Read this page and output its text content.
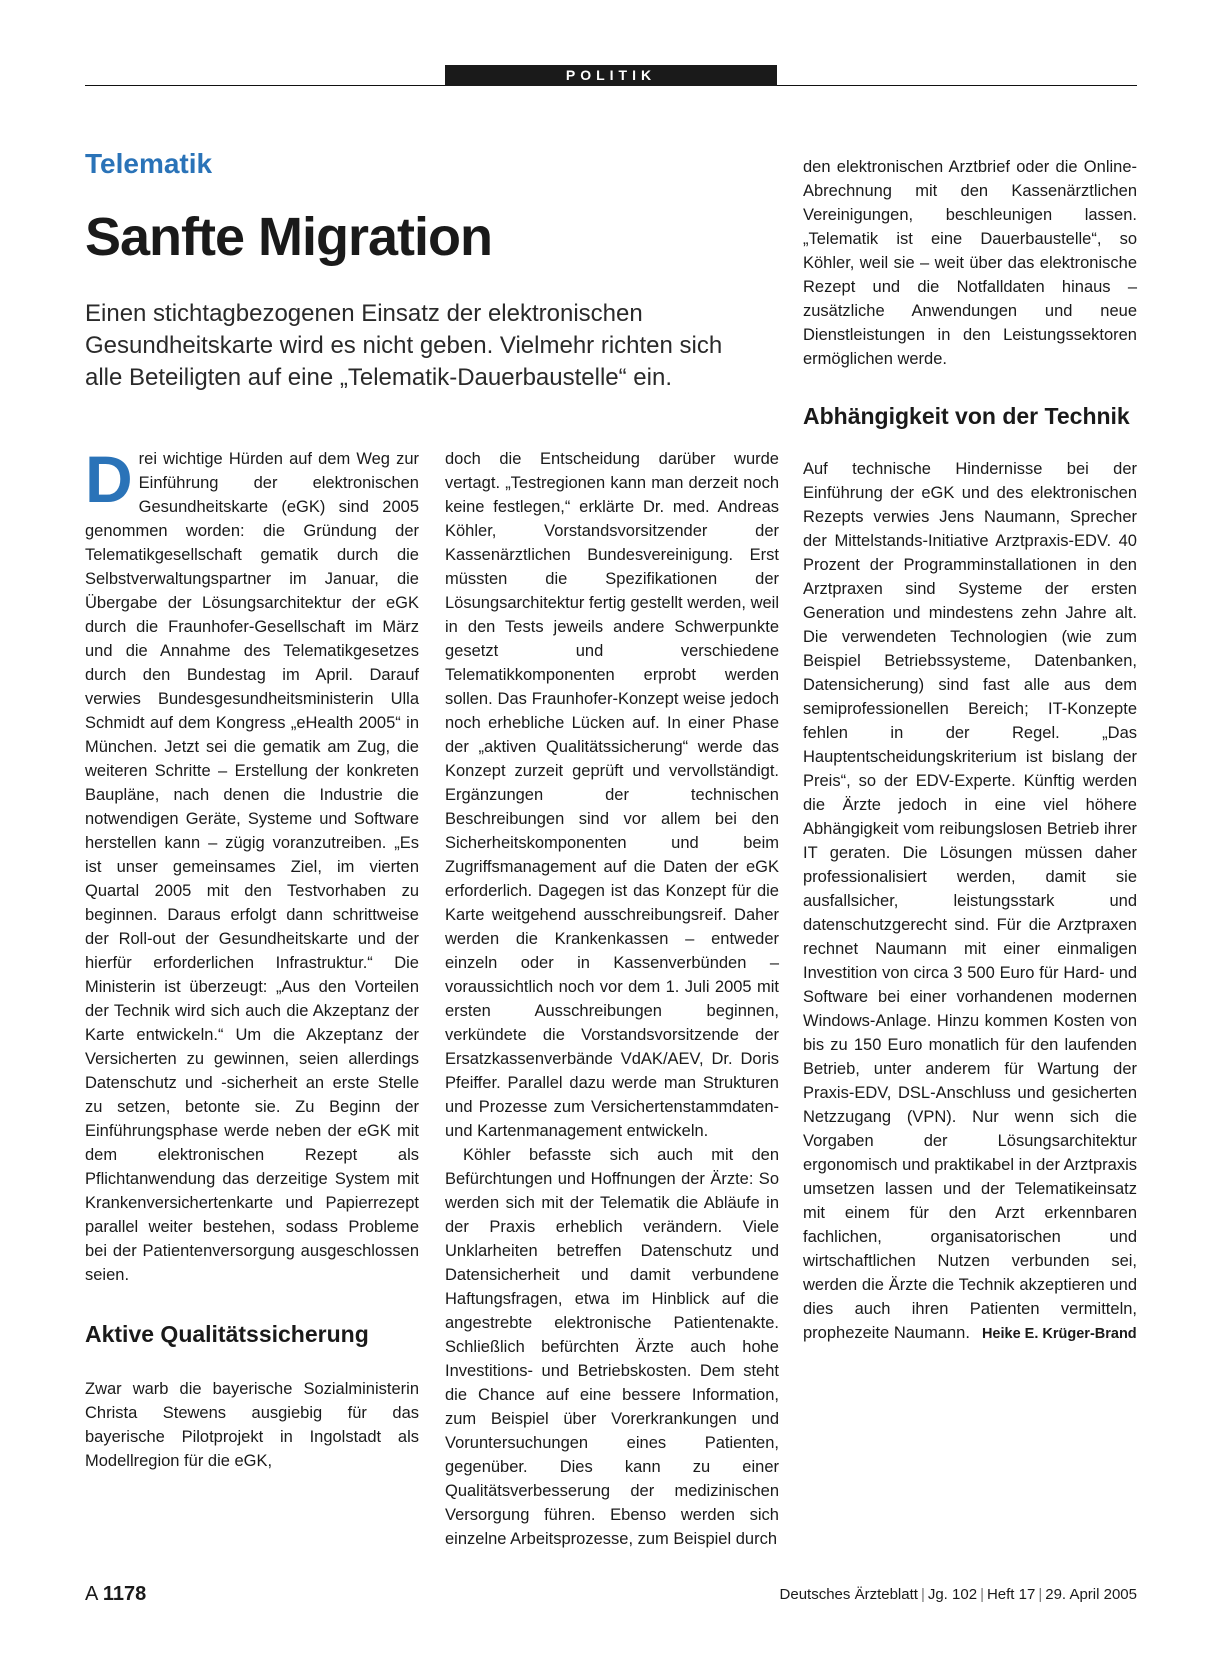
POLITIK
Telematik
Sanfte Migration

Einen stichtagbezogenen Einsatz der elektronischen Gesundheitskarte wird es nicht geben. Vielmehr richten sich alle Beteiligten auf eine „Telematik-Dauerbaustelle“ ein.

Drei wichtige Hürden auf dem Weg zur Einführung der elektronischen Gesundheitskarte (eGK) sind 2005 genommen worden: die Gründung der Telematikgesellschaft gematik durch die Selbstverwaltungspartner im Januar, die Übergabe der Lösungsarchitektur der eGK durch die Fraunhofer-Gesellschaft im März und die Annahme des Telematikgesetzes durch den Bundestag im April. Darauf verwies Bundesgesundheitsministerin Ulla Schmidt auf dem Kongress „eHealth 2005“ in München. Jetzt sei die gematik am Zug, die weiteren Schritte – Erstellung der konkreten Baupläne, nach denen die Industrie die notwendigen Geräte, Systeme und Software herstellen kann – zügig voranzutreiben. „Es ist unser gemeinsames Ziel, im vierten Quartal 2005 mit den Testvorhaben zu beginnen. Daraus erfolgt dann schrittweise der Roll-out der Gesundheitskarte und der hierfür erforderlichen Infrastruktur.“ Die Ministerin ist überzeugt: „Aus den Vorteilen der Technik wird sich auch die Akzeptanz der Karte entwickeln.“ Um die Akzeptanz der Versicherten zu gewinnen, seien allerdings Datenschutz und -sicherheit an erste Stelle zu setzen, betonte sie. Zu Beginn der Einführungsphase werde neben der eGK mit dem elektronischen Rezept als Pflichtanwendung das derzeitige System mit Krankenversichertenkarte und Papierrezept parallel weiter bestehen, sodass Probleme bei der Patientenversorgung ausgeschlossen seien.

Aktive Qualitätssicherung

Zwar warb die bayerische Sozialministerin Christa Stewens ausgiebig für das bayerische Pilotprojekt in Ingolstadt als Modellregion für die eGK,

doch die Entscheidung darüber wurde vertagt. „Testregionen kann man derzeit noch keine festlegen,“ erklärte Dr. med. Andreas Köhler, Vorstandsvorsitzender der Kassenärztlichen Bundesvereinigung. Erst müssten die Spezifikationen der Lösungsarchitektur fertig gestellt werden, weil in den Tests jeweils andere Schwerpunkte gesetzt und verschiedene Telematikkomponenten erprobt werden sollen. Das Fraunhofer-Konzept weise jedoch noch erhebliche Lücken auf. In einer Phase der „aktiven Qualitätssicherung“ werde das Konzept zurzeit geprüft und vervollständigt. Ergänzungen der technischen Beschreibungen sind vor allem bei den Sicherheitskomponenten und beim Zugriffsmanagement auf die Daten der eGK erforderlich. Dagegen ist das Konzept für die Karte weitgehend ausschreibungsreif. Daher werden die Krankenkassen – entweder einzeln oder in Kassenverbünden – voraussichtlich noch vor dem 1. Juli 2005 mit ersten Ausschreibungen beginnen, verkündete die Vorstandsvorsitzende der Ersatzkassenverbände VdAK/AEV, Dr. Doris Pfeiffer. Parallel dazu werde man Strukturen und Prozesse zum Versichertenstammdaten- und Kartenmanagement entwickeln.

Köhler befasste sich auch mit den Befürchtungen und Hoffnungen der Ärzte: So werden sich mit der Telematik die Abläufe in der Praxis erheblich verändern. Viele Unklarheiten betreffen Datenschutz und Datensicherheit und damit verbundene Haftungsfragen, etwa im Hinblick auf die angestrebte elektronische Patientenakte. Schließlich befürchten Ärzte auch hohe Investitions- und Betriebskosten. Dem steht die Chance auf eine bessere Information, zum Beispiel über Vorerkrankungen und Voruntersuchungen eines Patienten, gegenüber. Dies kann zu einer Qualitätsverbesserung der medizinischen Versorgung führen. Ebenso werden sich einzelne Arbeitsprozesse, zum Beispiel durch

den elektronischen Arztbrief oder die Online-Abrechnung mit den Kassenärztlichen Vereinigungen, beschleunigen lassen. „Telematik ist eine Dauerbaustelle“, so Köhler, weil sie – weit über das elektronische Rezept und die Notfalldaten hinaus – zusätzliche Anwendungen und neue Dienstleistungen in den Leistungssektoren ermöglichen werde.

Abhängigkeit von der Technik

Auf technische Hindernisse bei der Einführung der eGK und des elektronischen Rezepts verwies Jens Naumann, Sprecher der Mittelstands-Initiative Arztpraxis-EDV. 40 Prozent der Programminstallationen in den Arztpraxen sind Systeme der ersten Generation und mindestens zehn Jahre alt. Die verwendeten Technologien (wie zum Beispiel Betriebssysteme, Datenbanken, Datensicherung) sind fast alle aus dem semiprofessionellen Bereich; IT-Konzepte fehlen in der Regel. „Das Hauptentscheidungskriterium ist bislang der Preis“, so der EDV-Experte. Künftig werden die Ärzte jedoch in eine viel höhere Abhängigkeit vom reibungslosen Betrieb ihrer IT geraten. Die Lösungen müssen daher professionalisiert werden, damit sie ausfallsicher, leistungsstark und datenschutzgerecht sind. Für die Arztpraxen rechnet Naumann mit einer einmaligen Investition von circa 3 500 Euro für Hard- und Software bei einer vorhandenen modernen Windows-Anlage. Hinzu kommen Kosten von bis zu 150 Euro monatlich für den laufenden Betrieb, unter anderem für Wartung der Praxis-EDV, DSL-Anschluss und gesicherten Netzzugang (VPN). Nur wenn sich die Vorgaben der Lösungsarchitektur ergonomisch und praktikabel in der Arztpraxis umsetzen lassen und der Telematikeinsatz mit einem für den Arzt erkennbaren fachlichen, organisatorischen und wirtschaftlichen Nutzen verbunden sei, werden die Ärzte die Technik akzeptieren und dies auch ihren Patienten vermitteln, prophezeite Naumann. Heike E. Krüger-Brand

A 1178	Deutsches Ärzteblatt | Jg. 102 | Heft 17 | 29. April 2005
